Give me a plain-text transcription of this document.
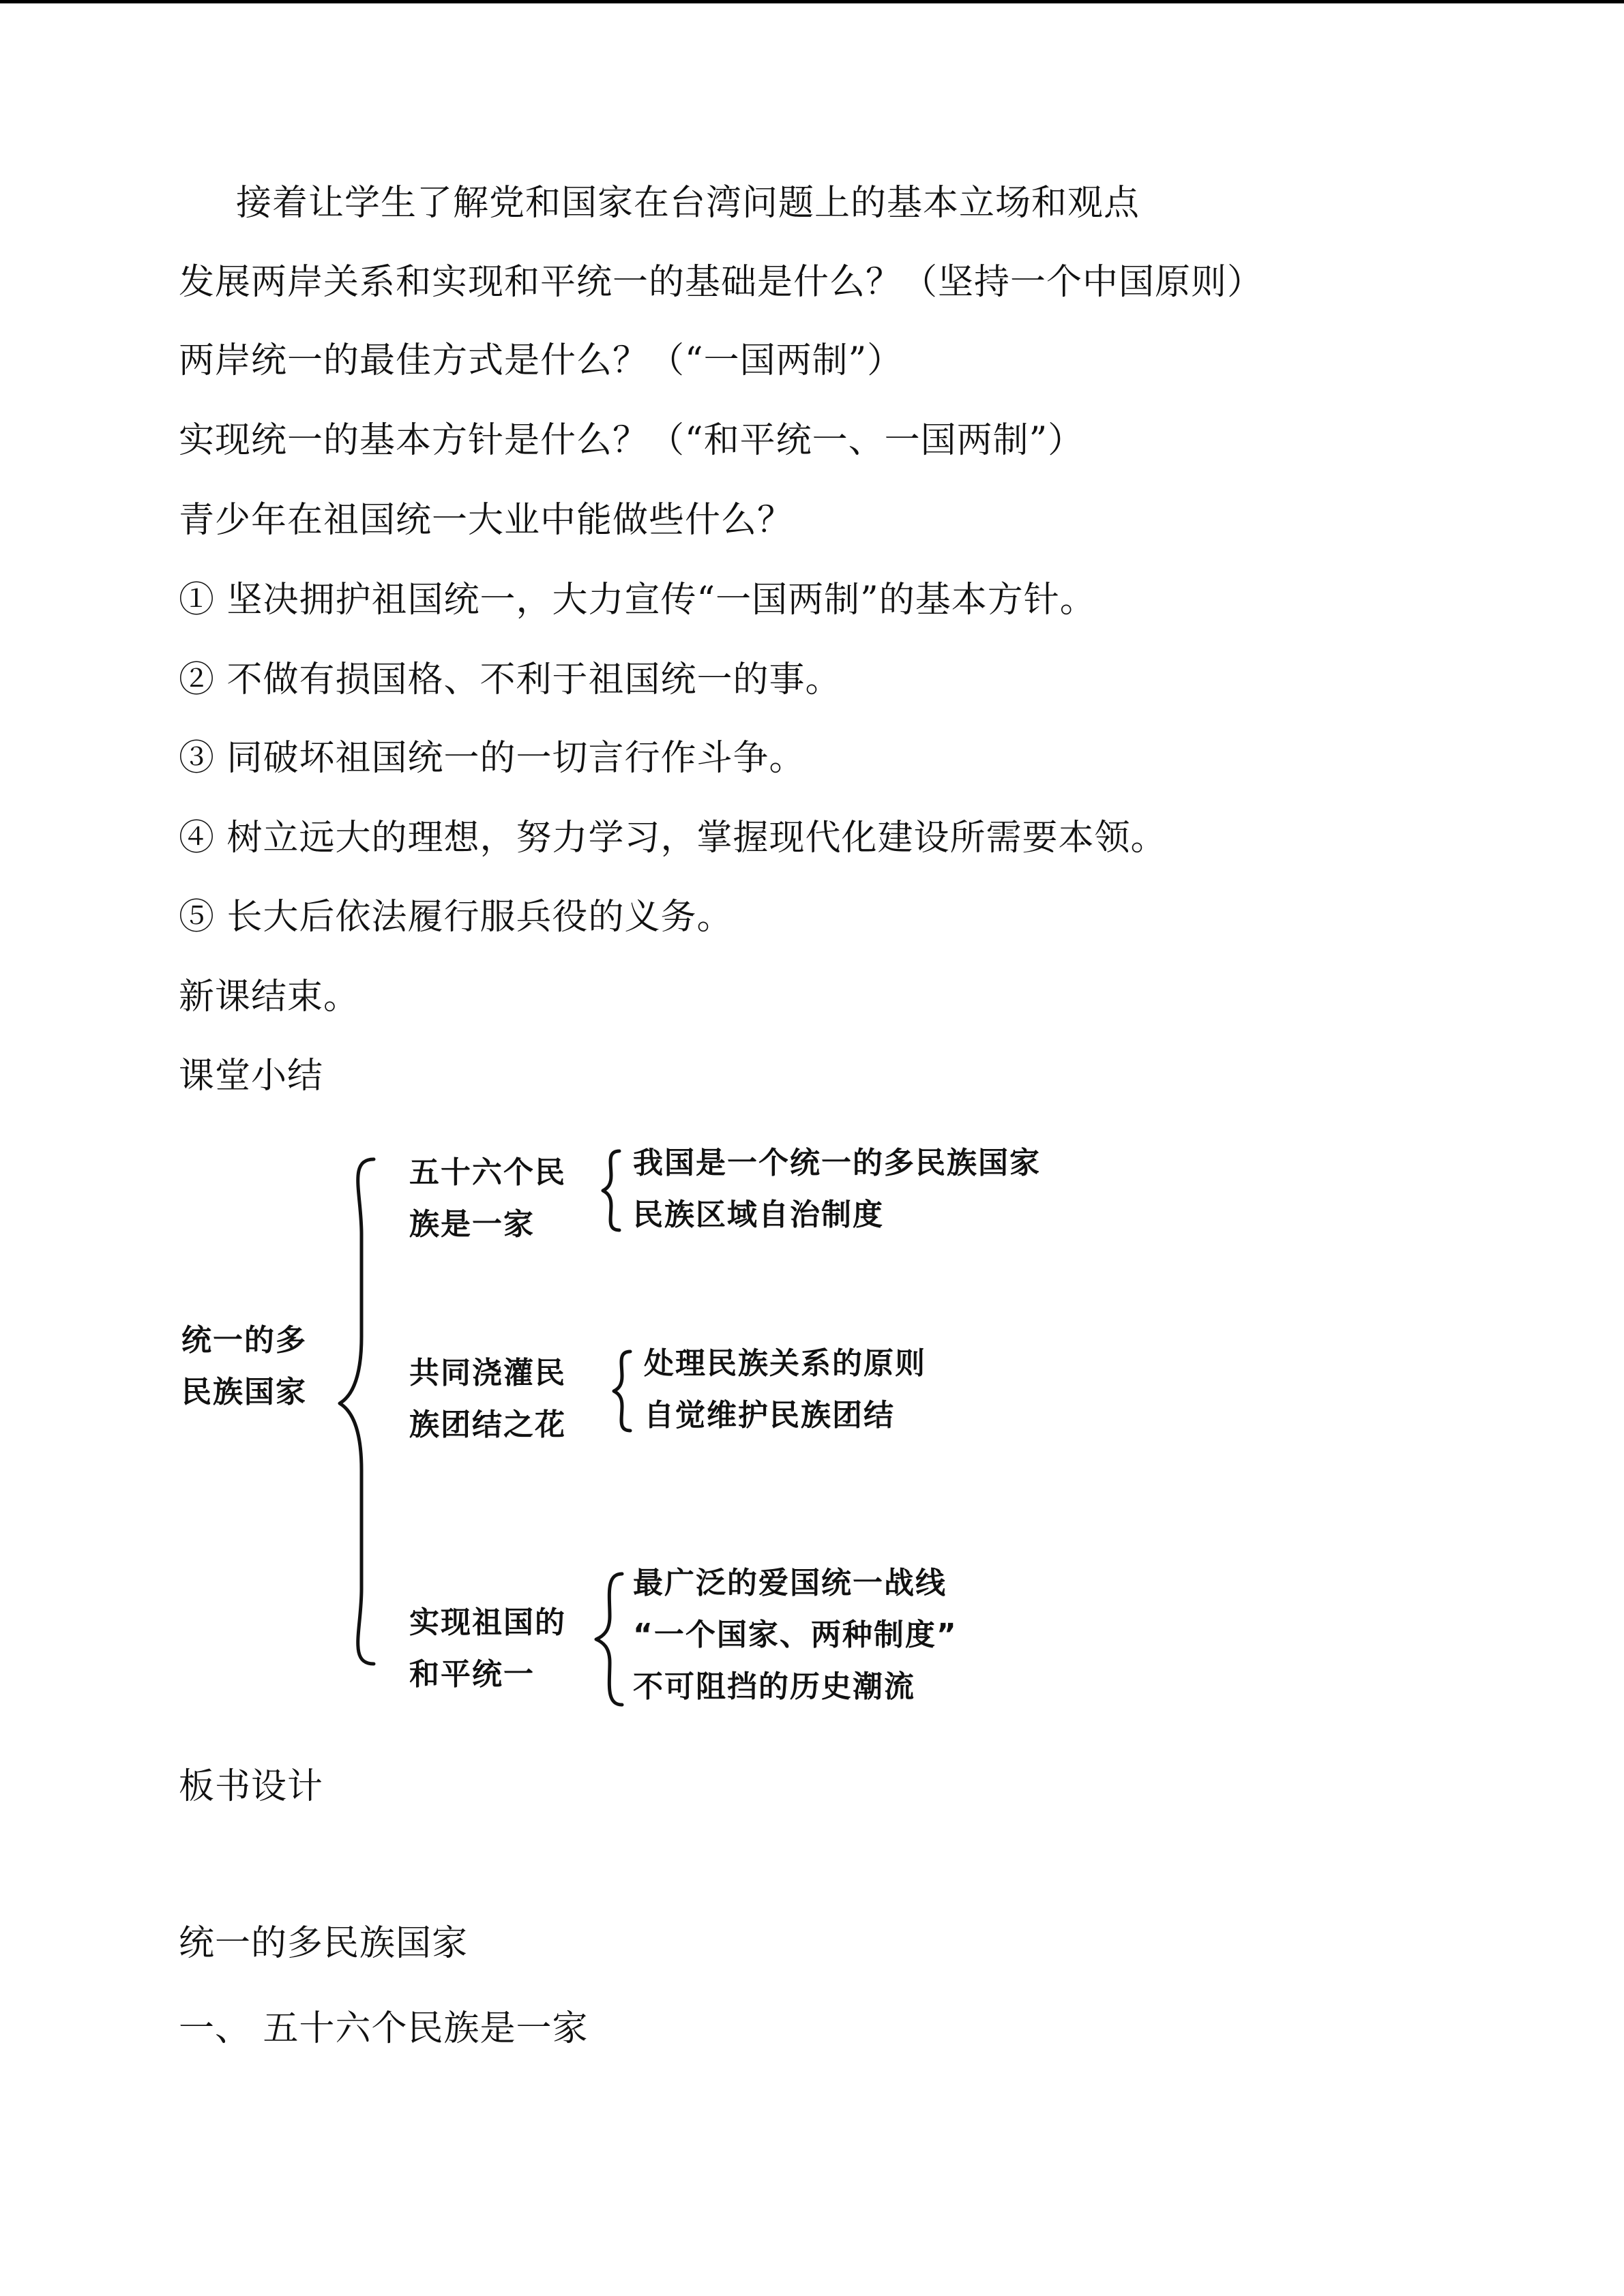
接着让学生了解党和国家在台湾问题上的基本立场和观点

发展两岸关系和实现和平统一的基础是什么？（坚持一个中国原则）

两岸统一的最佳方式是什么？（“一国两制”）

实现统一的基本方针是什么？（“和平统一、一国两制”）

青少年在祖国统一大业中能做些什么？

① 坚决拥护祖国统一，大力宣传“一国两制”的基本方针。

② 不做有损国格、不利于祖国统一的事。

③ 同破坏祖国统一的一切言行作斗争。

④ 树立远大的理想，努力学习，掌握现代化建设所需要本领。

⑤ 长大后依法履行服兵役的义务。

新课结束。

课堂小结

统一的多
民族国家
五十六个民
族是一家
我国是一个统一的多民族国家
民族区域自治制度
共同浇灌民
族团结之花
处理民族关系的原则
自觉维护民族团结
实现祖国的
和平统一
最广泛的爱国统一战线
“一个国家、两种制度”
不可阻挡的历史潮流

板书设计

统一的多民族国家

一、 五十六个民族是一家
